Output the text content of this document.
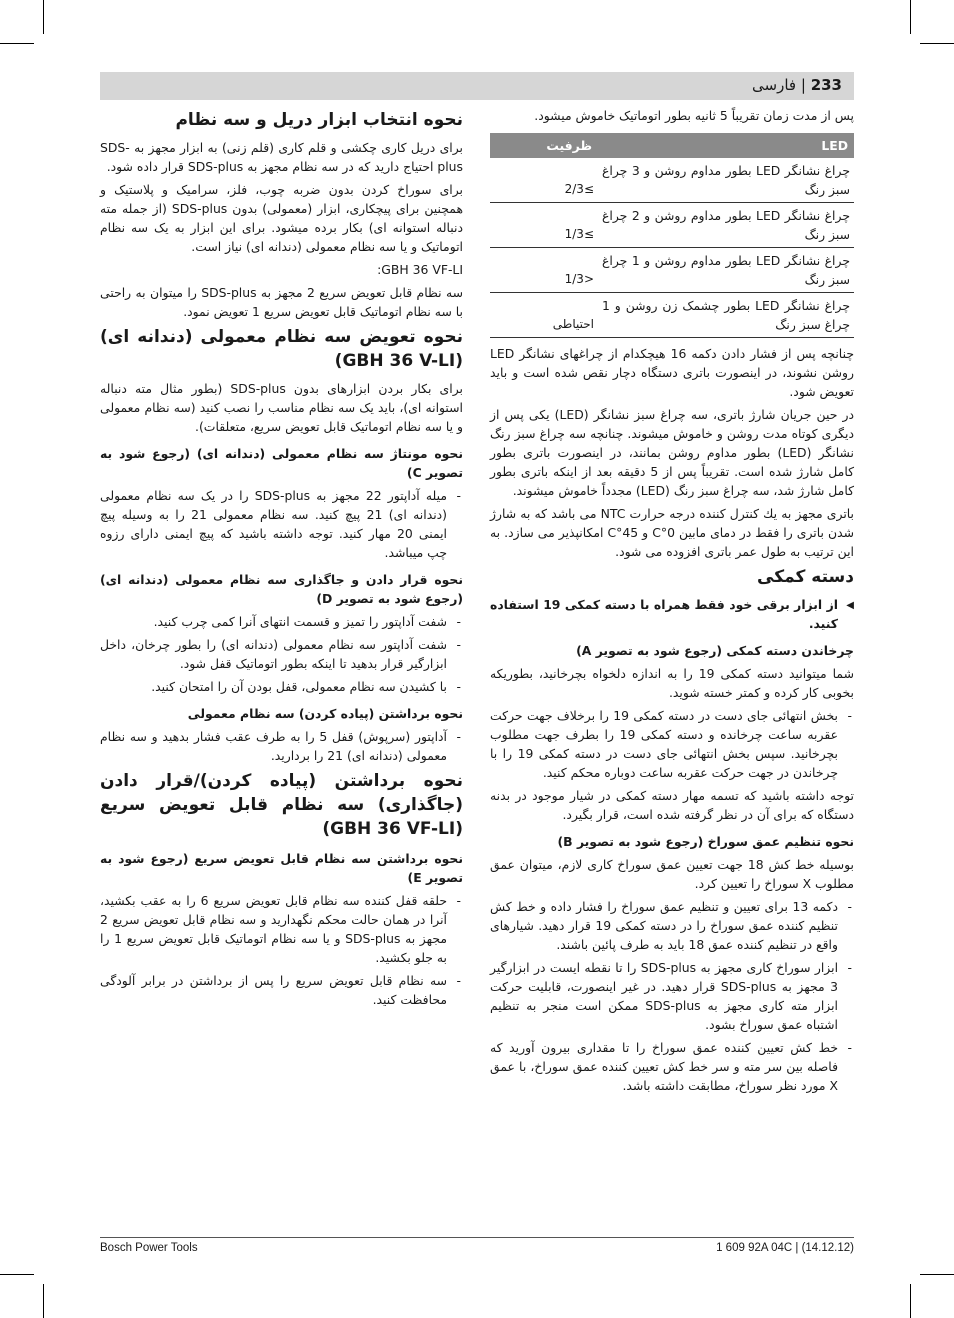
233 | فارسی

پس از مدت زمان تقریباً 5 ثانیه بطور اتوماتیک خاموش میشود.

LED	ظرفیت
چراغ نشانگر LED بطور مداوم روشن و 3 چراغ سبز رنگ	≥2/3
چراغ نشانگر LED بطور مداوم روشن و 2 چراغ سبز رنگ	≥1/3
چراغ نشانگر LED بطور مداوم روشن و 1 چراغ سبز رنگ	<1/3
چراغ نشانگر LED بطور چشمک زن روشن و 1 چراغ سبز رنگ	احتیاطی

چنانچه پس از فشار دادن دکمه 16 هیچکدام از چراغهای نشانگر LED روشن نشوند، در اینصورت باتری دستگاه دچار نقص شده است و باید تعویض شود.

در حین جریان شارژ باتری، سه چراغ سبز نشانگر (LED) یکی پس از دیگری کوتاه مدت روشن و خاموش میشوند. چنانچه سه چراغ سبز رنگ نشانگر (LED) بطور مداوم روشن بمانند، در اینصورت باتری بطور کامل شارژ شده است. تقریباً پس از 5 دقیقه بعد از اینکه باتری بطور کامل شارژ شد، سه چراغ سبز رنگ (LED) مجدداً خاموش میشوند.

باتری مجهز به یك كنترل كننده درجه حرارت NTC می باشد كه به شارژ شدن باتری را فقط در دمای مابين 0°C و 45°C امكانپذیر می سازد. به این ترتیب به طول عمر باتری افزوده می شود.

دسته کمکی
◀ از ابزار برقی خود فقط همراه با دسته کمکی 19 استفاده کنید.
چرخاندن دسته کمکی (رجوع شود به تصویر A)

شما میتوانید دسته کمکی 19 را به اندازه دلخواه بچرخانید، بطوریکه بخوبی کار کرده و کمتر خسته شوید.

- بخش انتهائی جای دست در دسته کمکی 19 را برخلاف جهت حرکت عقربه ساعت چرخانده و دسته کمکی 19 را بطرف جهت مطلوب بچرخانید. سپس بخش انتهائی جای دست در دسته کمکی 19 را با چرخاندن در جهت حرکت عقربه ساعت دوباره محکم کنید.

توجه داشته باشید که تسمه مهار دسته کمکی در شیار موجود در بدنه دستگاه که برای آن در نظر گرفته شده است، قرار بگیرد.

نحوه تنظیم عمق سوراخ (رجوع شود به تصویر B)

بوسیله خط کش 18 جهت تعیین عمق سوراخ کاری لازم، میتوان عمق مطلوب X سوراخ را تعیین کرد.

- دکمه 13 برای تعیین و تنظیم عمق سوراخ را فشار داده و خط کش تنظیم کننده عمق سوراخ را در دسته کمکی 19 قرار دهید. شیارهای واقع در تنظیم کننده عمق 18 باید به طرف پائین باشند.
- ابزار سوراخ کاری مجهز به SDS-plus را تا نقطه ایست در ابزارگیر 3 مجهز به SDS-plus قرار دهید. در غیر اینصورت، قابلیت حرکت ابزار مته کاری مجهز به SDS-plus ممکن است منجر به تنظیم اشتباه عمق سوراخ بشود.
- خط کش تعیین کننده عمق سوراخ را تا مقداری بیرون آورید که فاصله بین سر مته و سر خط کش تعیین کننده عمق سوراخ، با عمق X مورد نظر سوراخ، مطابقت داشته باشد.
نحوه انتخاب ابزار دریل و سه نظام

برای دریل کاری چکشی و قلم کاری (قلم زنی) به ابزار مجهز به SDS-plus احتیاج دارید که در سه نظام مجهز به SDS-plus قرار داده شود.

برای سوراخ کردن بدون ضربه چوب، فلز، سرامیک و پلاستیک و همچنین برای پیچکاری، ابزار (معمولی) بدون SDS-plus (از جمله مته دنباله استوانه ای) بکار برده میشود. برای این ابزار به یک سه نظام اتوماتیک و یا سه نظام معمولی (دندانه ای) نیاز است.

GBH 36 VF-LI:

سه نظام قابل تعویض سریع 2 مجهز به SDS-plus را میتوان به راحتی با سه نظام اتوماتیک قابل تعویض سریع 1 تعویض نمود.

نحوه تعویض سه نظام معمولی (دندانه ای) (GBH 36 V-LI)

برای بکار بردن ابزارهای بدون SDS-plus (بطور مثال مته دنباله استوانه ای)، باید یک سه نظام مناسب را نصب کنید (سه نظام معمولی و یا سه نظام اتوماتیک قابل تعویض سریع، متعلقات).

نحوه مونتاژ سه نظام معمولی (دندانه ای) (رجوع شود به تصویر C)
- میله آداپتور 22 مجهز به SDS-plus را در یک سه نظام معمولی (دندانه ای) 21 پیچ کنید. سه نظام معمولی 21 را به وسیله پیچ ایمنی 20 مهار کنید. توجه داشته باشید که پیچ ایمنی دارای رزوه چپ میباشد.
نحوه قرار دادن و جاگذاری سه نظام معمولی (دندانه ای) (رجوع شود به تصویر D)
- شفت آداپتور را تمیز و قسمت انتهای آنرا کمی چرب کنید.
- شفت آداپتور سه نظام معمولی (دندانه ای) را بطور چرخان، داخل ابزارگیر قرار بدهید تا اینکه بطور اتوماتیک قفل شود.
- با کشیدن سه نظام معمولی، قفل بودن آن را امتحان کنید.
نحوه برداشتن (پیاده کردن) سه نظام معمولی
- آداپتور (سرپوش) قفل 5 را به طرف عقب فشار بدهید و سه نظام معمولی (دندانه ای) 21 را بردارید.
نحوه برداشتن (پیاده کردن)/قرار دادن (جاگذاری) سه نظام قابل تعویض سریع (GBH 36 VF-LI)
نحوه برداشتن سه نظام قابل تعویض سریع (رجوع شود به تصویر E)
- حلقه قفل کننده سه نظام قابل تعویض سریع 6 را به عقب بکشید، آنرا در همان حالت محکم نگهدارید و سه نظام قابل تعویض سریع 2 مجهز به SDS-plus و یا سه نظام اتوماتیک قابل تعویض سریع 1 را به جلو بکشید.
- سه نظام قابل تعویض سریع را پس از برداشتن در برابر آلودگی محافظت کنید.
Bosch Power Tools	1 609 92A 04C | (14.12.12)
